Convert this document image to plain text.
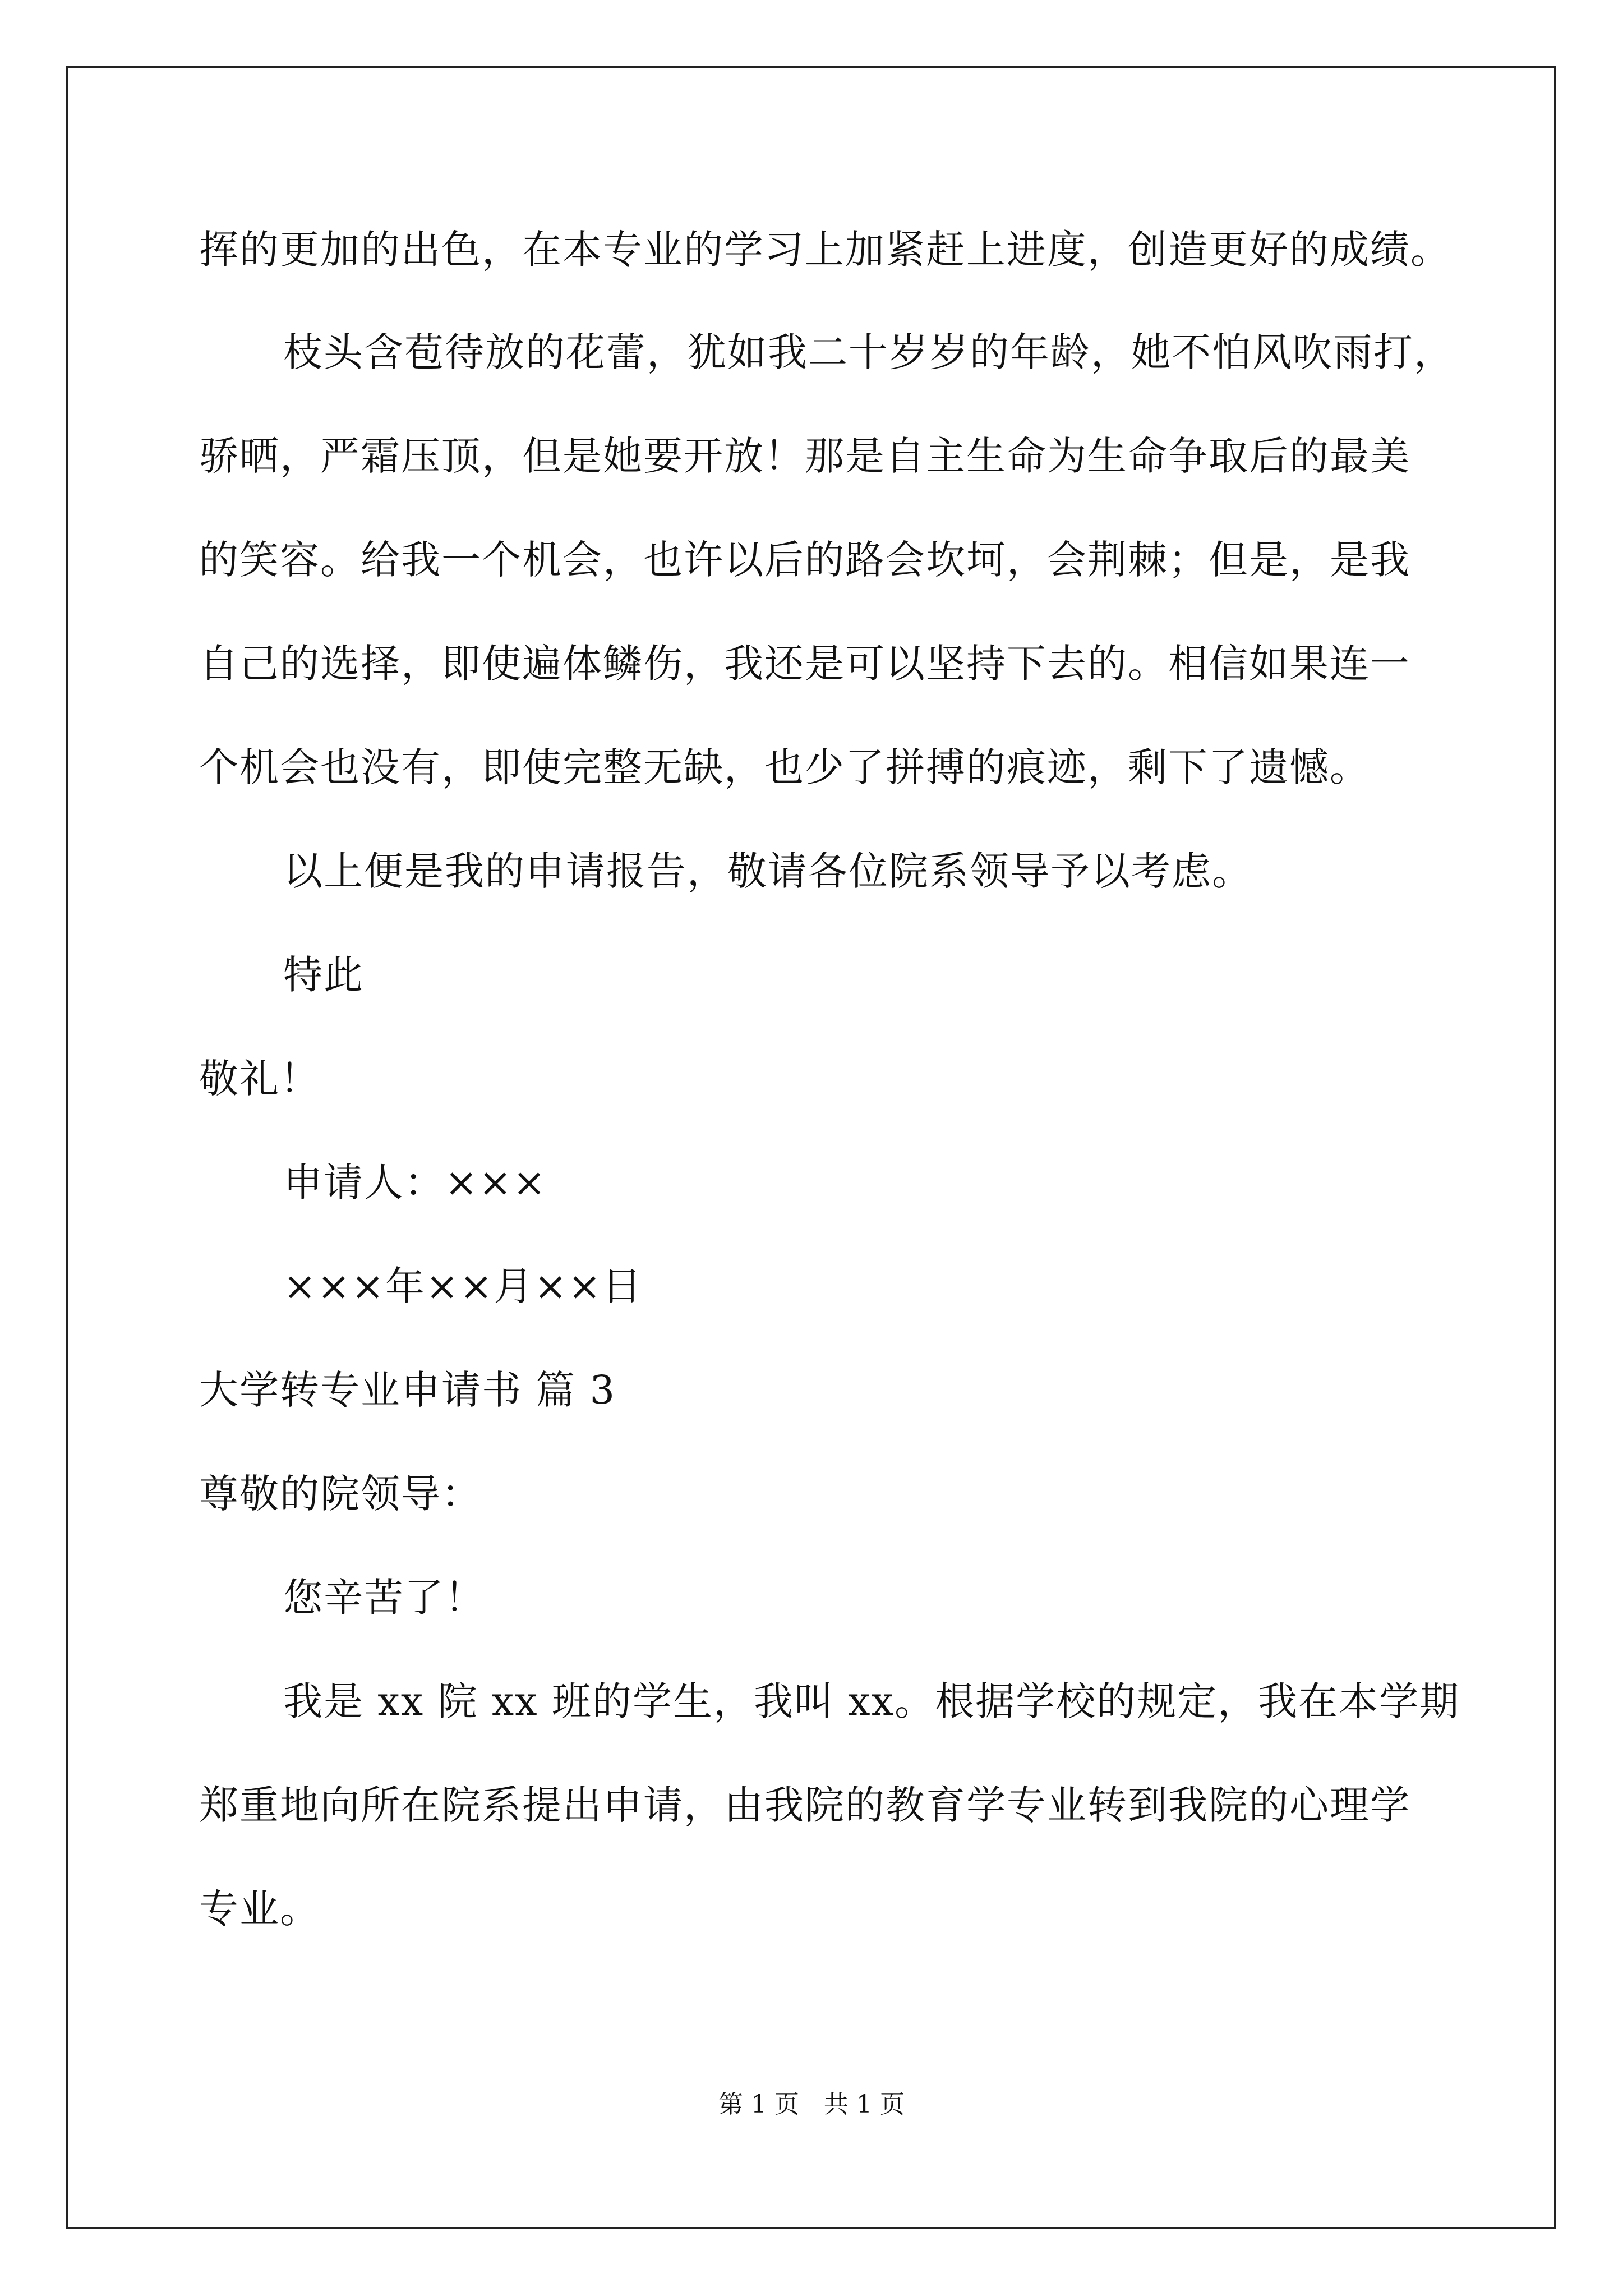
挥的更加的出色，在本专业的学习上加紧赶上进度，创造更好的成绩。
枝头含苞待放的花蕾，犹如我二十岁岁的年龄，她不怕风吹雨打，
骄晒，严霜压顶，但是她要开放！那是自主生命为生命争取后的最美
的笑容。给我一个机会，也许以后的路会坎坷，会荆棘；但是，是我
自己的选择，即使遍体鳞伤，我还是可以坚持下去的。相信如果连一
个机会也没有，即使完整无缺，也少了拼搏的痕迹，剩下了遗憾。
以上便是我的申请报告，敬请各位院系领导予以考虑。
特此
敬礼！
申请人：×××
×××年××月××日
大学转专业申请书 篇 3
尊敬的院领导：
您辛苦了！
我是 xx 院 xx 班的学生，我叫 xx。根据学校的规定，我在本学期
郑重地向所在院系提出申请，由我院的教育学专业转到我院的心理学
专业。
第 1 页　共 1 页
